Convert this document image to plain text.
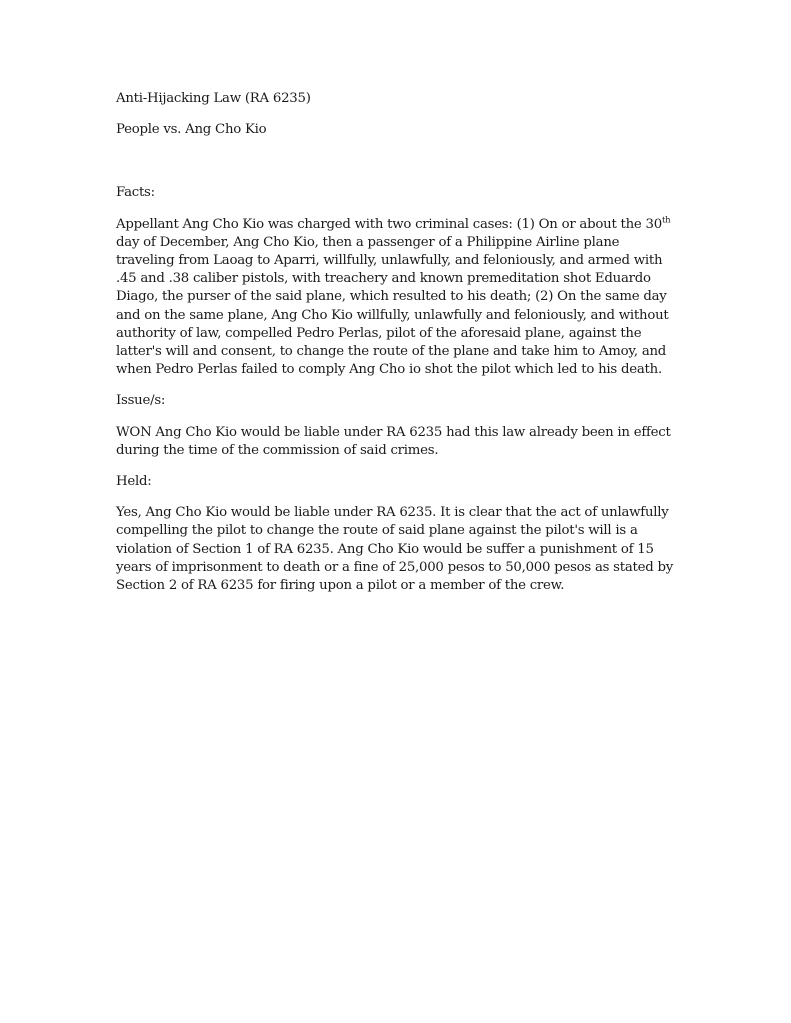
Anti-Hijacking Law (RA 6235)

People vs. Ang Cho Kio

Facts:

Appellant Ang Cho Kio was charged with two criminal cases: (1) On or about the 30th day of December, Ang Cho Kio, then a passenger of a Philippine Airline plane traveling from Laoag to Aparri, willfully, unlawfully, and feloniously, and armed with .45 and .38 caliber pistols, with treachery and known premeditation shot Eduardo Diago, the purser of the said plane, which resulted to his death; (2) On the same day and on the same plane, Ang Cho Kio willfully, unlawfully and feloniously, and without authority of law, compelled Pedro Perlas, pilot of the aforesaid plane, against the latter's will and consent, to change the route of the plane and take him to Amoy, and when Pedro Perlas failed to comply Ang Cho io shot the pilot which led to his death.

Issue/s:

WON Ang Cho Kio would be liable under RA 6235 had this law already been in effect during the time of the commission of said crimes.

Held:

Yes, Ang Cho Kio would be liable under RA 6235. It is clear that the act of unlawfully compelling the pilot to change the route of said plane against the pilot's will is a violation of Section 1 of RA 6235. Ang Cho Kio would be suffer a punishment of 15 years of imprisonment to death or a fine of 25,000 pesos to 50,000 pesos as stated by Section 2 of RA 6235 for firing upon a pilot or a member of the crew.
